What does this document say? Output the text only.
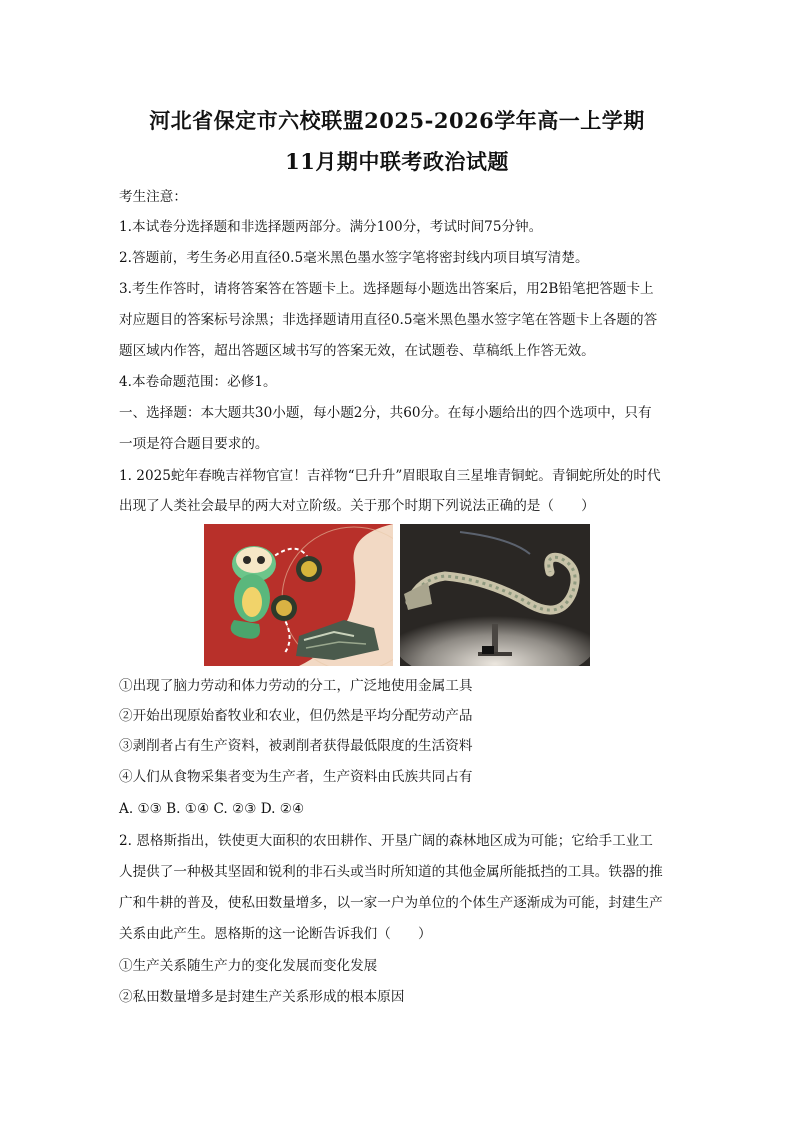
河北省保定市六校联盟2025-2026学年高一上学期
11月期中联考政治试题
考生注意：
1.本试卷分选择题和非选择题两部分。满分100分，考试时间75分钟。
2.答题前，考生务必用直径0.5毫米黑色墨水签字笔将密封线内项目填写清楚。
3.考生作答时，请将答案答在答题卡上。选择题每小题选出答案后，用2B铅笔把答题卡上
对应题目的答案标号涂黑；非选择题请用直径0.5毫米黑色墨水签字笔在答题卡上各题的答
题区域内作答，超出答题区域书写的答案无效，在试题卷、草稿纸上作答无效。
4.本卷命题范围：必修1。
一、选择题：本大题共30小题，每小题2分，共60分。在每小题给出的四个选项中，只有
一项是符合题目要求的。
1. 2025蛇年春晚吉祥物官宣！吉祥物“巳升升”眉眼取自三星堆青铜蛇。青铜蛇所处的时代
出现了人类社会最早的两大对立阶级。关于那个时期下列说法正确的是（　　）
①出现了脑力劳动和体力劳动的分工，广泛地使用金属工具
②开始出现原始畜牧业和农业，但仍然是平均分配劳动产品
③剥削者占有生产资料，被剥削者获得最低限度的生活资料
④人们从食物采集者变为生产者，生产资料由氏族共同占有
A. ①③ B. ①④ C. ②③ D. ②④
2. 恩格斯指出，铁使更大面积的农田耕作、开垦广阔的森林地区成为可能；它给手工业工
人提供了一种极其坚固和锐利的非石头或当时所知道的其他金属所能抵挡的工具。铁器的推
广和牛耕的普及，使私田数量增多，以一家一户为单位的个体生产逐渐成为可能，封建生产
关系由此产生。恩格斯的这一论断告诉我们（　　）
①生产关系随生产力的变化发展而变化发展
②私田数量增多是封建生产关系形成的根本原因
